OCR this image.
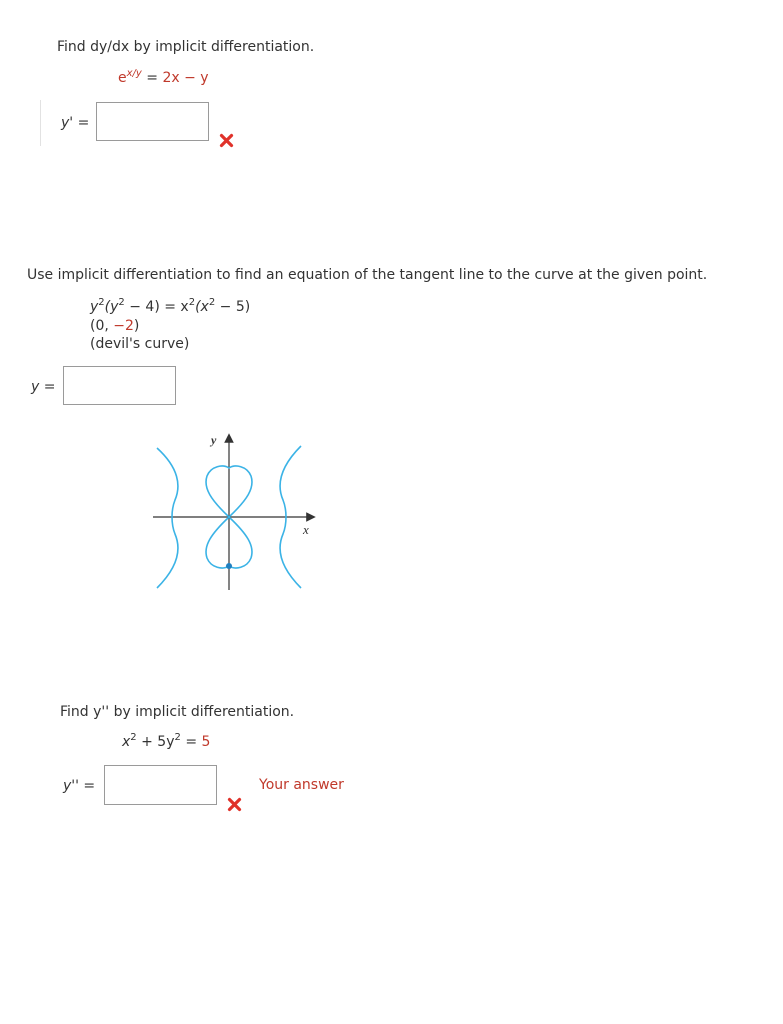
Find dy/dx by implicit differentiation.
$e^{x/y} = 2x - y$
y' =
Use implicit differentiation to find an equation of the tangent line to the curve at the given point.
$y^2(y^2 - 4) = x^2(x^2 - 5)$
(0, −2)
(devil's curve)
y =
y
x
Find y'' by implicit differentiation.
$x^2 + 5y^2 = 5$
y'' =	Your answer
